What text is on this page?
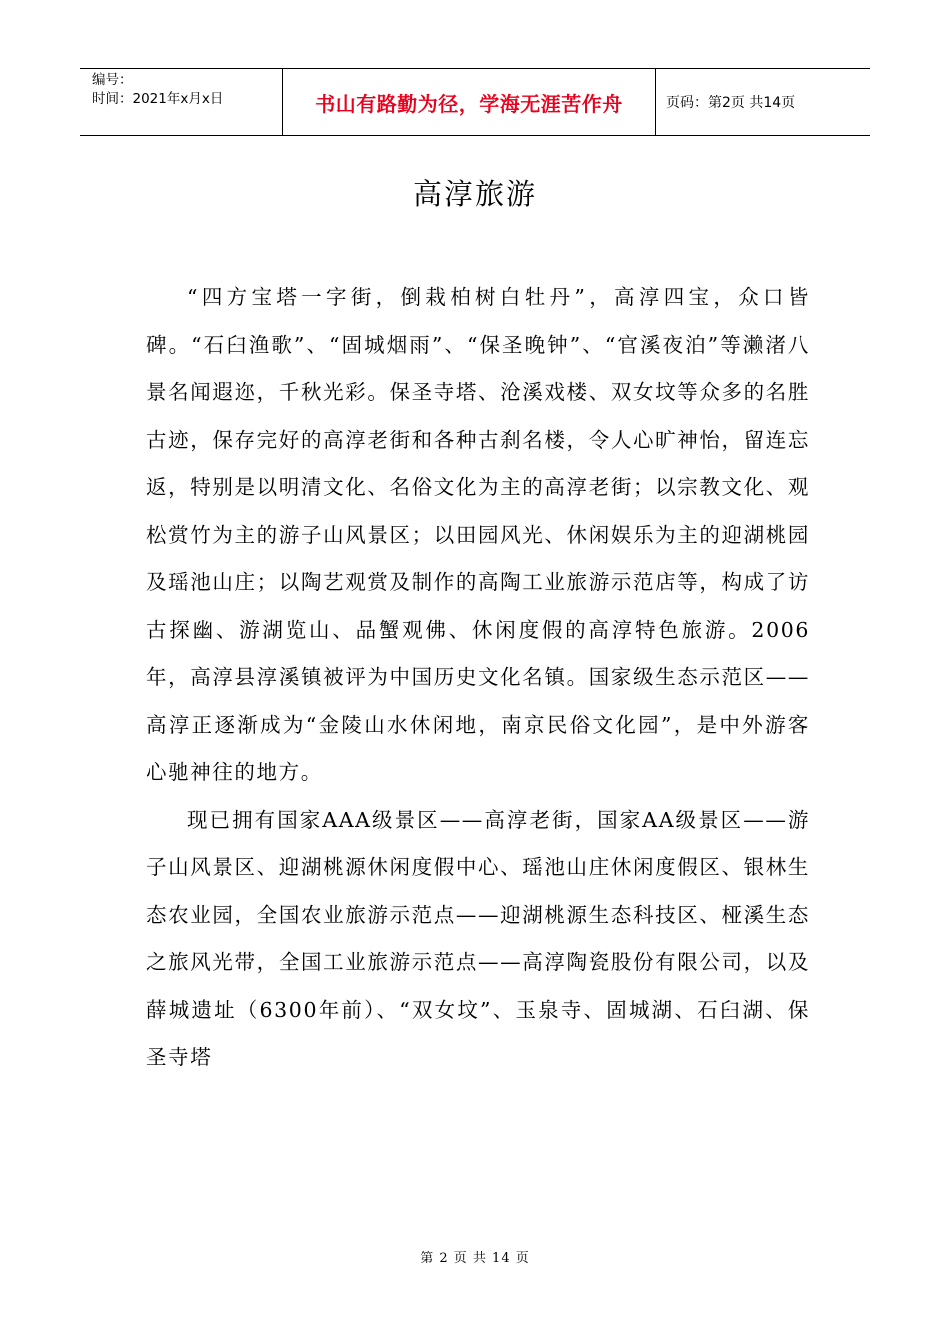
编号：
时间：2021年x月x日	书山有路勤为径，学海无涯苦作舟	页码：第2页 共14页
高淳旅游

“四方宝塔一字街，倒栽柏树白牡丹”，高淳四宝，众口皆碑。“石臼渔歌”、“固城烟雨”、“保圣晚钟”、“官溪夜泊”等濑渚八景名闻遐迩，千秋光彩。保圣寺塔、沧溪戏楼、双女坟等众多的名胜古迹，保存完好的高淳老街和各种古刹名楼，令人心旷神怡，留连忘返，特别是以明清文化、名俗文化为主的高淳老街；以宗教文化、观松赏竹为主的游子山风景区；以田园风光、休闲娱乐为主的迎湖桃园及瑶池山庄；以陶艺观赏及制作的高陶工业旅游示范店等，构成了访古探幽、游湖览山、品蟹观佛、休闲度假的高淳特色旅游。2006年，高淳县淳溪镇被评为中国历史文化名镇。国家级生态示范区——高淳正逐渐成为“金陵山水休闲地，南京民俗文化园”，是中外游客心驰神往的地方。

现已拥有国家AAA级景区——高淳老街，国家AA级景区——游子山风景区、迎湖桃源休闲度假中心、瑶池山庄休闲度假区、银林生态农业园，全国农业旅游示范点——迎湖桃源生态科技区、桠溪生态之旅风光带，全国工业旅游示范点——高淳陶瓷股份有限公司，以及薛城遗址（6300年前）、“双女坟”、玉泉寺、固城湖、石臼湖、保圣寺塔

第 2 页 共 14 页
